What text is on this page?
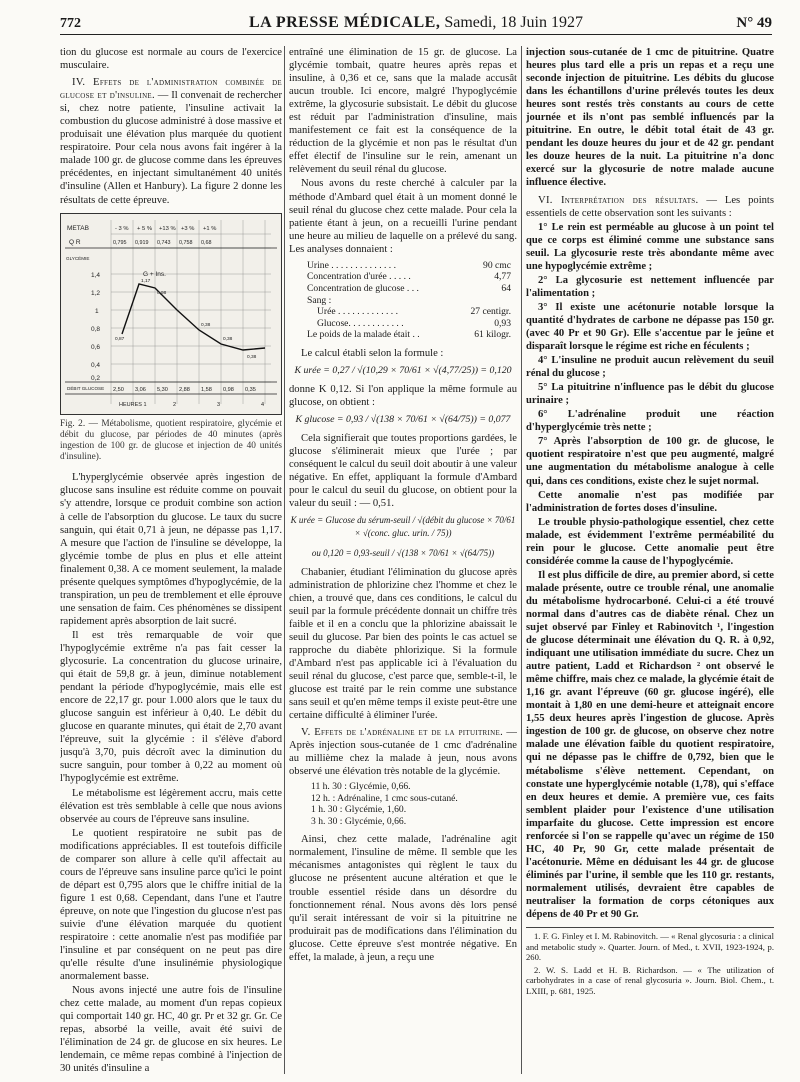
772	LA PRESSE MÉDICALE, Samedi, 18 Juin 1927	N° 49

tion du glucose est normale au cours de l'exercice musculaire.

IV. Effets de l'administration combinée de glucose et d'insuline. — Il convenait de rechercher si, chez notre patiente, l'insuline activait la combustion du glucose administré à dose massive et produisait une élévation plus marquée du quotient respiratoire. Pour cela nous avons fait ingérer à la malade 100 gr. de glucose comme dans les épreuves précédentes, en injectant simultanément 40 unités d'insuline (Allen et Hanbury). La figure 2 donne les résultats de cette épreuve.

METAB
Q R
GLYCÉMIE
DÉBIT GLUCOSE
HEURES 1
G + Ins.
- 3 % + 5 % +13 % +3 % +1 %
0,795 0,919 0,743 0,758 0,68
1,4
1,2
1
0,8
0,6
0,4
0,2
0,87
1,17
0,98
0,38
0,38
0,38
2,50 3,06 5,30 2,88 1,58 0,98 0,35
2	3	4
Fig. 2. — Métabolisme, quotient respiratoire, glycémie et débit du glucose, par périodes de 40 minutes (après ingestion de 100 gr. de glucose et injection de 40 unités d'insuline).

L'hyperglycémie observée après ingestion de glucose sans insuline est réduite comme on pouvait s'y attendre, lorsque ce produit combine son action à celle de l'absorption du glucose. Le taux du sucre sanguin, qui était 0,71 à jeun, ne dépasse pas 1,17. A mesure que l'action de l'insuline se développe, la glycémie tombe de plus en plus et elle atteint finalement 0,38. A ce moment seulement, la malade présente quelques symptômes d'hypoglycémie, de la transpiration, un peu de tremblement et elle éprouve une sensation de faim. Ces phénomènes se dissipent rapidement après absorption de lait sucré.

Il est très remarquable de voir que l'hypoglycémie extrême n'a pas fait cesser la glycosurie. La concentration du glucose urinaire, qui était de 59,8 gr. à jeun, diminue notablement pendant la période d'hypoglycémie, mais elle est encore de 22,17 gr. pour 1.000 alors que le taux du glucose sanguin est inférieur à 0,40. Le débit du glucose en quarante minutes, qui était de 2,70 avant l'épreuve, suit la glycémie : il s'élève d'abord jusqu'à 3,70, puis décroît avec la diminution du sucre sanguin, pour tomber à 0,22 au moment où l'hypoglycémie est extrême.

Le métabolisme est légèrement accru, mais cette élévation est très semblable à celle que nous avions observée au cours de l'épreuve sans insuline.

Le quotient respiratoire ne subit pas de modifications appréciables. Il est toutefois difficile de comparer son allure à celle qu'il affectait au cours de l'épreuve sans insuline parce qu'ici le point de départ est 0,795 alors que le chiffre initial de la figure 1 est 0,68. Cependant, dans l'une et l'autre épreuve, on note que l'ingestion du glucose n'est pas suivie d'une élévation marquée du quotient respiratoire : cette anomalie n'est pas modifiée par l'insuline et par conséquent on ne peut pas dire qu'elle résulte d'une insulinémie physiologique anormalement basse.

Nous avons injecté une autre fois de l'insuline chez cette malade, au moment d'un repas copieux qui comportait 140 gr. HC, 40 gr. Pr et 32 gr. Gr. Ce repas, absorbé la veille, avait été suivi de l'élimination de 24 gr. de glucose en six heures. Le lendemain, ce même repas combiné à l'injection de 30 unités d'insuline a

entraîné une élimination de 15 gr. de glucose. La glycémie tombait, quatre heures après repas et insuline, à 0,36 et ce, sans que la malade accusât aucun trouble. Ici encore, malgré l'hypoglycémie extrême, la glycosurie subsistait. Le débit du glucose est réduit par l'administration d'insuline, mais manifestement ce fait est la conséquence de la réduction de la glycémie et non pas le résultat d'un effet électif de l'insuline sur le rein, amenant un relèvement du seuil rénal du glucose.

Nous avons du reste cherché à calculer par la méthode d'Ambard quel était à un moment donné le seuil rénal du glucose chez cette malade. Pour cela la patiente étant à jeun, on a recueilli l'urine pendant une heure au milieu de laquelle on a prélevé du sang. Les analyses donnaient :

Urine . . . . . . . . . . . . . .	90 cmc
Concentration d'urée . . . . .	4,77
Concentration de glucose . . .	64
Sang :
Urée . . . . . . . . . . . . .	27 centigr.
Glucose. . . . . . . . . . . .	0,93
Le poids de la malade était . .	61 kilogr.

Le calcul établi selon la formule :

K urée = 0,27 / √(10,29 × 70/61 × √(4,77/25)) = 0,120

donne K 0,12. Si l'on applique la même formule au glucose, on obtient :

K glucose = 0,93 / √(138 × 70/61 × √(64/75)) = 0,077

Cela signifierait que toutes proportions gardées, le glucose s'éliminerait mieux que l'urée ; par conséquent le calcul du seuil doit aboutir à une valeur négative. En effet, appliquant la formule d'Ambard pour le calcul du seuil du glucose, on obtient pour la valeur du seuil : — 0,51.

K urée = Glucose du sérum-seuil / √(débit du glucose × 70/61 × √(conc. gluc. urin. / 75))
ou 0,120 = 0,93-seuil / √(138 × 70/61 × √(64/75))

Chabanier, étudiant l'élimination du glucose après administration de phlorizine chez l'homme et chez le chien, a trouvé que, dans ces conditions, le calcul du seuil par la formule précédente donnait un chiffre très faible et il en a conclu que la phlorizine abaissait le seuil du glucose. Par bien des points le cas actuel se rapproche du diabète phlorizique. Si la formule d'Ambard n'est pas applicable ici à l'évaluation du seuil rénal du glucose, c'est parce que, semble-t-il, le glucose est traité par le rein comme une substance sans seuil et qu'en même temps il existe peut-être une certaine difficulté à éliminer l'urée.

V. Effets de l'adrénaline et de la pituitrine. — Après injection sous-cutanée de 1 cmc d'adrénaline au millième chez la malade à jeun, nous avons observé une élévation très notable de la glycémie.

11 h. 30 : Glycémie, 0,66.
12 h. : Adrénaline, 1 cmc sous-cutané.
1 h. 30 : Glycémie, 1,60.
3 h. 30 : Glycémie, 0,66.

Ainsi, chez cette malade, l'adrénaline agit normalement, l'insuline de même. Il semble que les mécanismes antagonistes qui règlent le taux du glucose ne présentent aucune altération et que le trouble essentiel réside dans un désordre du fonctionnement rénal. Nous avons dès lors pensé qu'il serait intéressant de voir si la pituitrine ne produirait pas de modifications dans l'élimination du glucose. Cette épreuve s'est montrée négative. En effet, la malade, à jeun, a reçu une

injection sous-cutanée de 1 cmc de pituitrine. Quatre heures plus tard elle a pris un repas et a reçu une seconde injection de pituitrine. Les débits du glucose dans les échantillons d'urine prélevés toutes les deux heures sont restés très constants au cours de cette journée et ils n'ont pas semblé influencés par la pituitrine. En outre, le débit total était de 43 gr. pendant les douze heures du jour et de 42 gr. pendant les douze heures de la nuit. La pituitrine n'a donc exercé sur la glycosurie de notre malade aucune influence élective.

VI. Interprétation des résultats. — Les points essentiels de cette observation sont les suivants :

1° Le rein est perméable au glucose à un point tel que ce corps est éliminé comme une substance sans seuil. La glycosurie reste très abondante même avec une hypoglycémie extrême ;

2° La glycosurie est nettement influencée par l'alimentation ;

3° Il existe une acétonurie notable lorsque la quantité d'hydrates de carbone ne dépasse pas 150 gr. (avec 40 Pr et 90 Gr). Elle s'accentue par le jeûne et disparaît lorsque le régime est riche en féculents ;

4° L'insuline ne produit aucun relèvement du seuil rénal du glucose ;

5° La pituitrine n'influence pas le débit du glucose urinaire ;

6° L'adrénaline produit une réaction d'hyperglycémie très nette ;

7° Après l'absorption de 100 gr. de glucose, le quotient respiratoire n'est que peu augmenté, malgré une augmentation du métabolisme analogue à celle qui, dans ces conditions, existe chez le sujet normal.

Cette anomalie n'est pas modifiée par l'administration de fortes doses d'insuline.

Le trouble physio-pathologique essentiel, chez cette malade, est évidemment l'extrême perméabilité du rein pour le glucose. Cette anomalie peut être considérée comme la cause de l'hypoglycémie.

Il est plus difficile de dire, au premier abord, si cette malade présente, outre ce trouble rénal, une anomalie du métabolisme hydrocarboné. Celui-ci a été trouvé normal dans d'autres cas de diabète rénal. Chez un sujet observé par Finley et Rabinovitch ¹, l'ingestion de glucose déterminait une élévation du Q. R. à 0,92, indiquant une utilisation immédiate du sucre. Chez un autre patient, Ladd et Richardson ² ont observé le même chiffre, mais chez ce malade, la glycémie était de 1,16 gr. avant l'épreuve (60 gr. glucose ingéré), elle montait à 1,80 en une demi-heure et atteignait encore 1,55 deux heures après l'ingestion de glucose. Après ingestion de 100 gr. de glucose, on observe chez notre malade une élévation faible du quotient respiratoire, qui ne dépasse pas le chiffre de 0,792, bien que le métabolisme s'élève nettement. Cependant, on constate une hyperglycémie notable (1,78), qui s'efface en deux heures et demie. A première vue, ces faits semblent plaider pour l'existence d'une utilisation imparfaite du glucose. Cette impression est encore renforcée si l'on se rappelle qu'avec un régime de 150 HC, 40 Pr, 90 Gr, cette malade présentait de l'acétonurie. Même en déduisant les 44 gr. de glucose éliminés par l'urine, il semble que les 110 gr. restants, normalement utilisés, devraient être capables de neutraliser la formation de corps cétoniques aux dépens de 40 Pr et 90 Gr.

1. F. G. Finley et I. M. Rabinovitch. — « Renal glycosuria : a clinical and metabolic study ». Quarter. Journ. of Med., t. XVII, 1923-1924, p. 260.

2. W. S. Ladd et H. B. Richardson. — « The utilization of carbohydrates in a case of renal glycosuria ». Journ. Biol. Chem., t. LXIII, p. 681, 1925.
